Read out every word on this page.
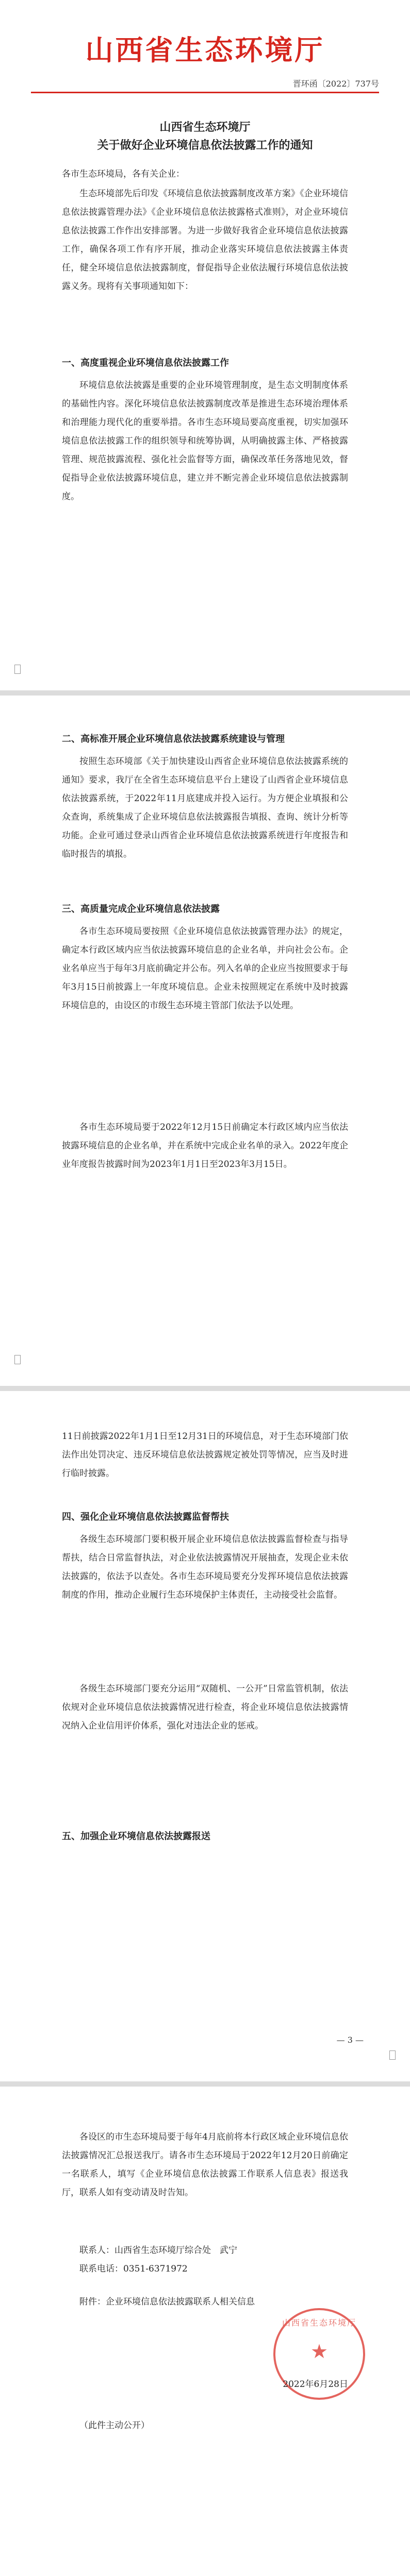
山西省生态环境厅
晋环函〔2022〕737号
山西省生态环境厅
关于做好企业环境信息依法披露工作的通知
各市生态环境局，各有关企业：
生态环境部先后印发《环境信息依法披露制度改革方案》《企业环境信息依法披露管理办法》《企业环境信息依法披露格式准则》，对企业环境信息依法披露工作作出安排部署。为进一步做好我省企业环境信息依法披露工作，确保各项工作有序开展，推动企业落实环境信息依法披露主体责任，健全环境信息依法披露制度，督促指导企业依法履行环境信息依法披露义务。现将有关事项通知如下：
一、高度重视企业环境信息依法披露工作
环境信息依法披露是重要的企业环境管理制度，是生态文明制度体系的基础性内容。深化环境信息依法披露制度改革是推进生态环境治理体系和治理能力现代化的重要举措。各市生态环境局要高度重视，切实加强环境信息依法披露工作的组织领导和统筹协调，从明确披露主体、严格披露管理、规范披露流程、强化社会监督等方面，确保改革任务落地见效，督促指导企业依法披露环境信息，建立并不断完善企业环境信息依法披露制度。
二、高标准开展企业环境信息依法披露系统建设与管理
按照生态环境部《关于加快建设山西省企业环境信息依法披露系统的通知》要求，我厅在全省生态环境信息平台上建设了山西省企业环境信息依法披露系统，于2022年11月底建成并投入运行。为方便企业填报和公众查询，系统集成了企业环境信息依法披露报告填报、查询、统计分析等功能。企业可通过登录山西省企业环境信息依法披露系统进行年度报告和临时报告的填报。
三、高质量完成企业环境信息依法披露
各市生态环境局要按照《企业环境信息依法披露管理办法》的规定，确定本行政区域内应当依法披露环境信息的企业名单，并向社会公布。企业名单应当于每年3月底前确定并公布。列入名单的企业应当按照要求于每年3月15日前披露上一年度环境信息。企业未按照规定在系统中及时披露环境信息的，由设区的市级生态环境主管部门依法予以处理。
各市生态环境局要于2022年12月15日前确定本行政区域内应当依法披露环境信息的企业名单，并在系统中完成企业名单的录入。2022年度企业年度报告披露时间为2023年1月1日至2023年3月15日。
11日前披露2022年1月1日至12月31日的环境信息，对于生态环境部门依法作出处罚决定、违反环境信息依法披露规定被处罚等情况，应当及时进行临时披露。
四、强化企业环境信息依法披露监督帮扶
各级生态环境部门要积极开展企业环境信息依法披露监督检查与指导帮扶，结合日常监督执法，对企业依法披露情况开展抽查，发现企业未依法披露的，依法予以查处。各市生态环境局要充分发挥环境信息依法披露制度的作用，推动企业履行生态环境保护主体责任，主动接受社会监督。
各级生态环境部门要充分运用“双随机、一公开”日常监管机制，依法依规对企业环境信息依法披露情况进行检查，将企业环境信息依法披露情况纳入企业信用评价体系，强化对违法企业的惩戒。
五、加强企业环境信息依法披露报送
— 3 —
各设区的市生态环境局要于每年4月底前将本行政区域企业环境信息依法披露情况汇总报送我厅。请各市生态环境局于2022年12月20日前确定一名联系人，填写《企业环境信息依法披露工作联系人信息表》报送我厅，联系人如有变动请及时告知。
联系人：山西省生态环境厅综合处　武宁
联系电话：0351-6371972
附件：企业环境信息依法披露联系人相关信息
山西省生态环境厅
★
2022年6月28日
（此件主动公开）
